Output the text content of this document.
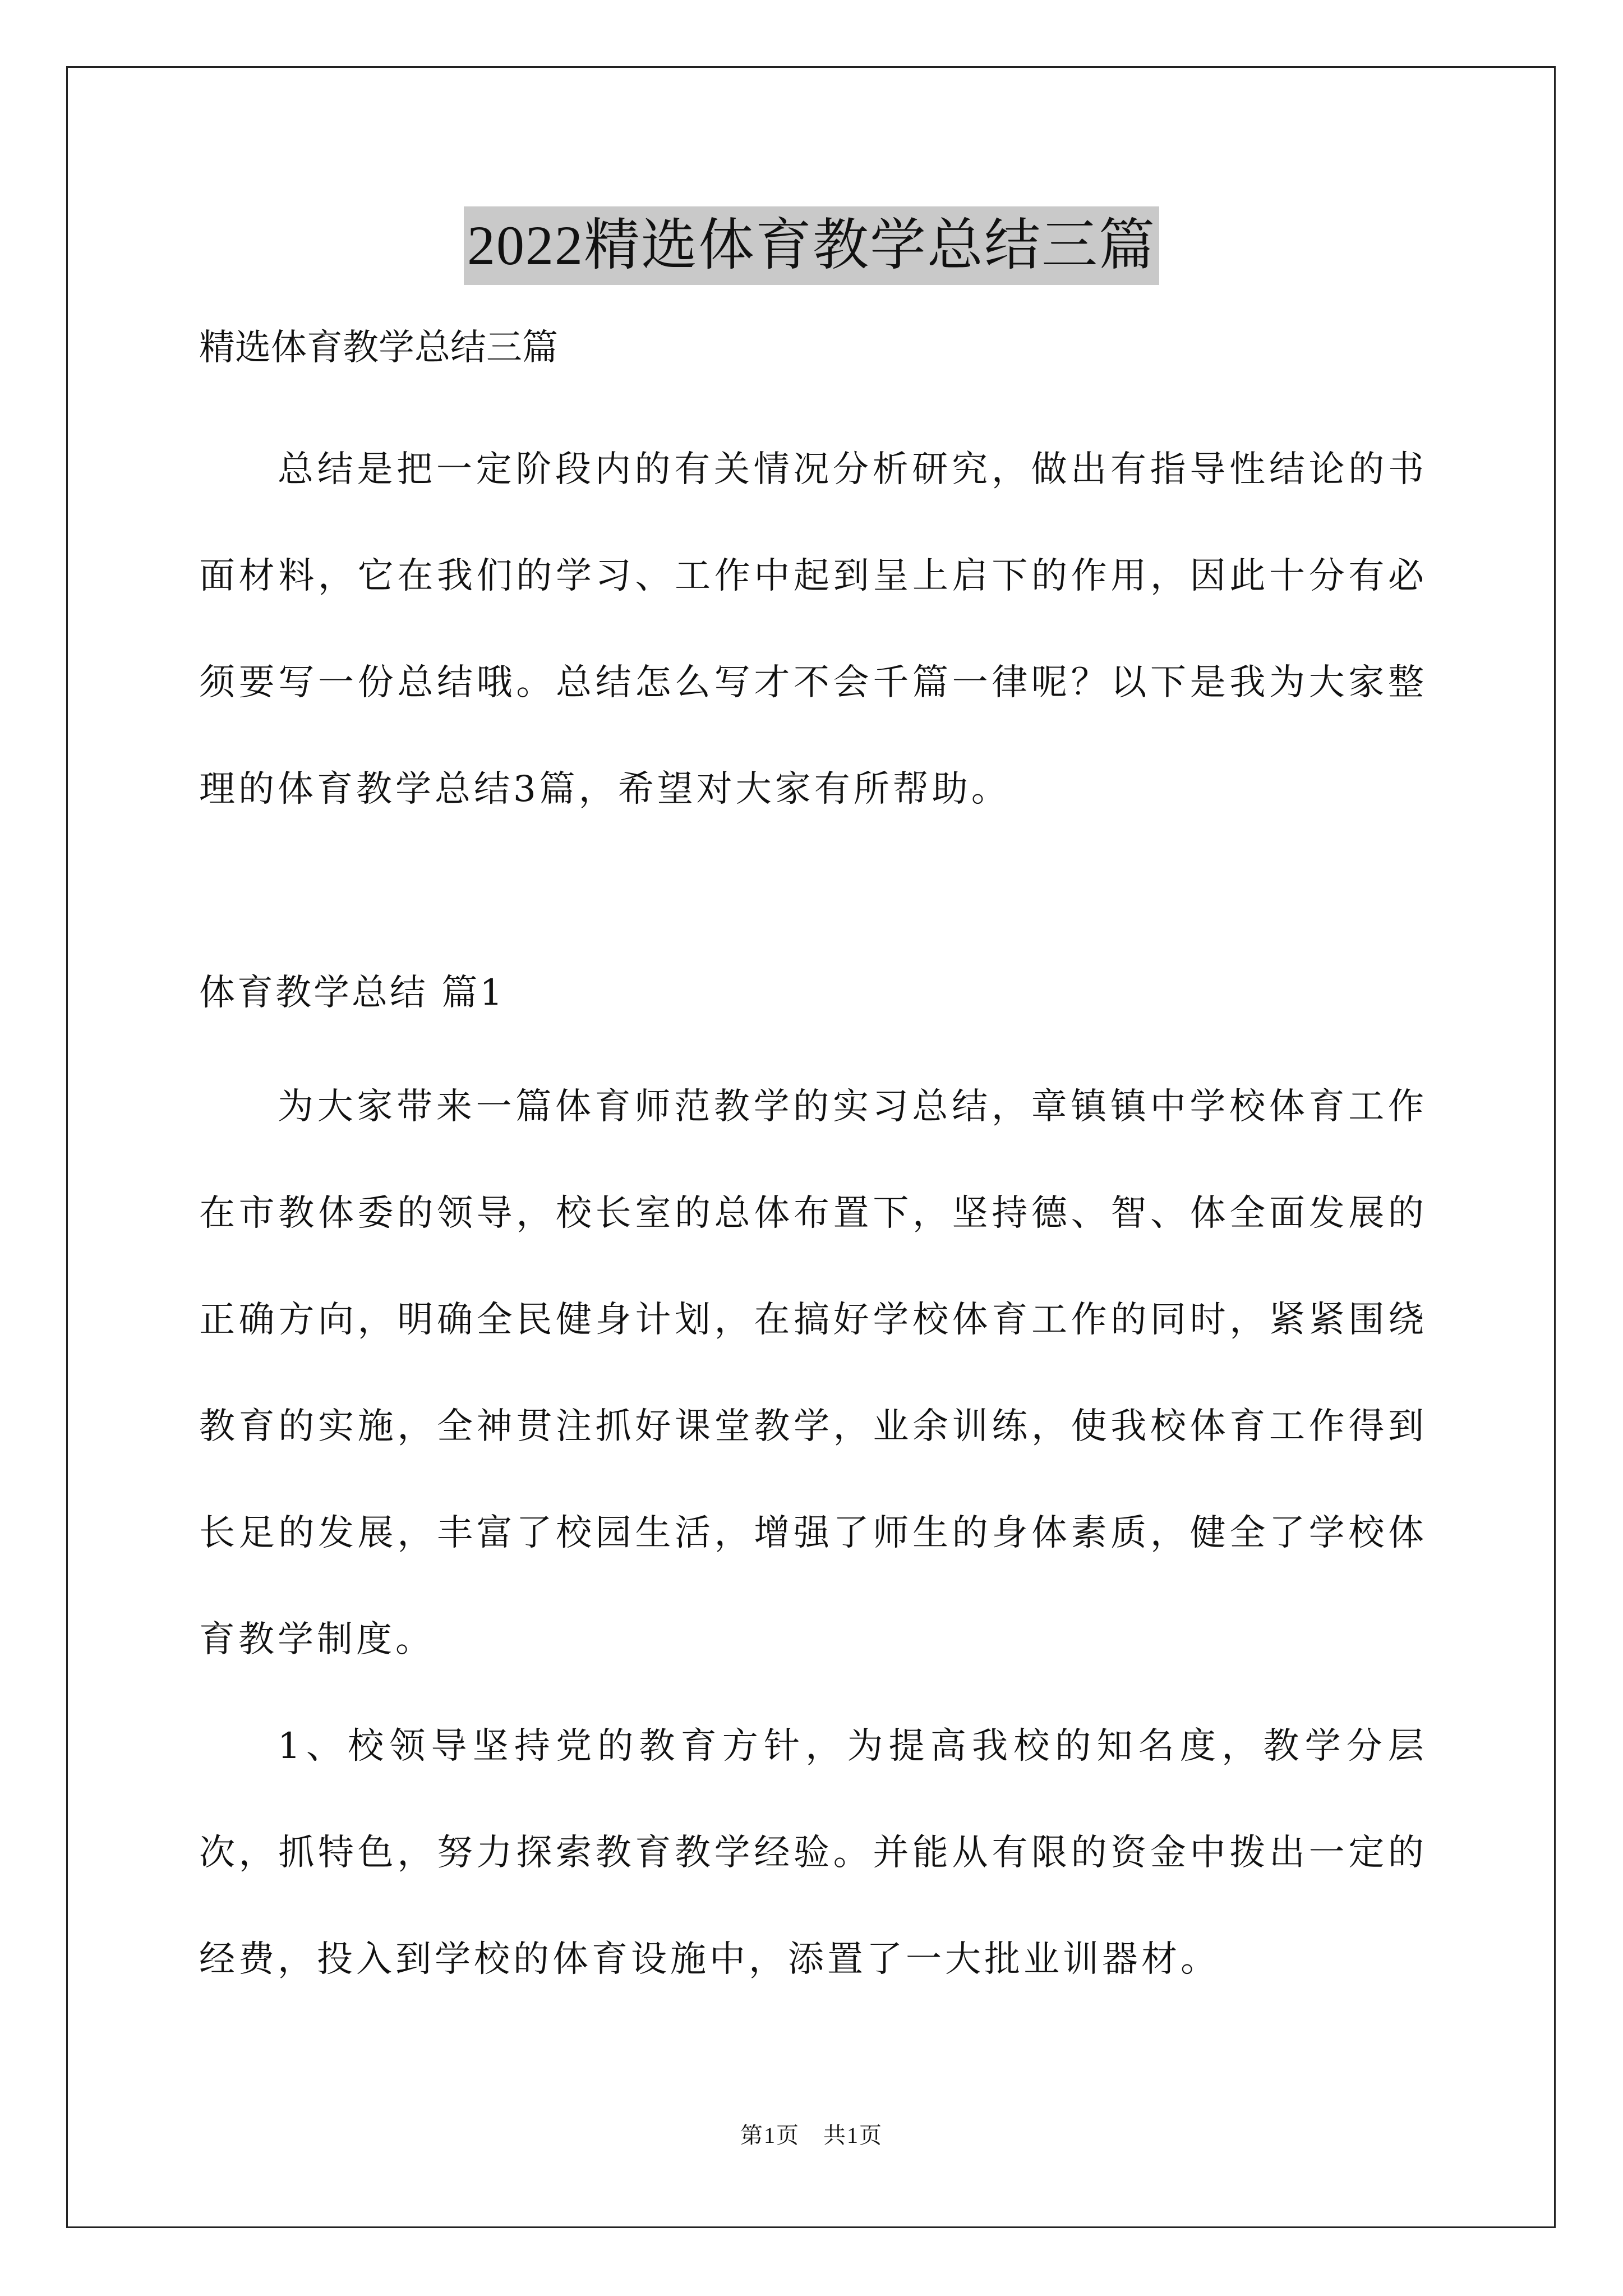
2022精选体育教学总结三篇
精选体育教学总结三篇

总结是把一定阶段内的有关情况分析研究，做出有指导性结论的书面材料，它在我们的学习、工作中起到呈上启下的作用，因此十分有必须要写一份总结哦。总结怎么写才不会千篇一律呢？以下是我为大家整理的体育教学总结3篇，希望对大家有所帮助。

体育教学总结 篇1

为大家带来一篇体育师范教学的实习总结，章镇镇中学校体育工作在市教体委的领导，校长室的总体布置下，坚持德、智、体全面发展的正确方向，明确全民健身计划，在搞好学校体育工作的同时，紧紧围绕教育的实施，全神贯注抓好课堂教学，业余训练，使我校体育工作得到长足的发展，丰富了校园生活，增强了师生的身体素质，健全了学校体育教学制度。

1、校领导坚持党的教育方针，为提高我校的知名度，教学分层次，抓特色，努力探索教育教学经验。并能从有限的资金中拨出一定的经费，投入到学校的体育设施中，添置了一大批业训器材。

第1页　共1页
